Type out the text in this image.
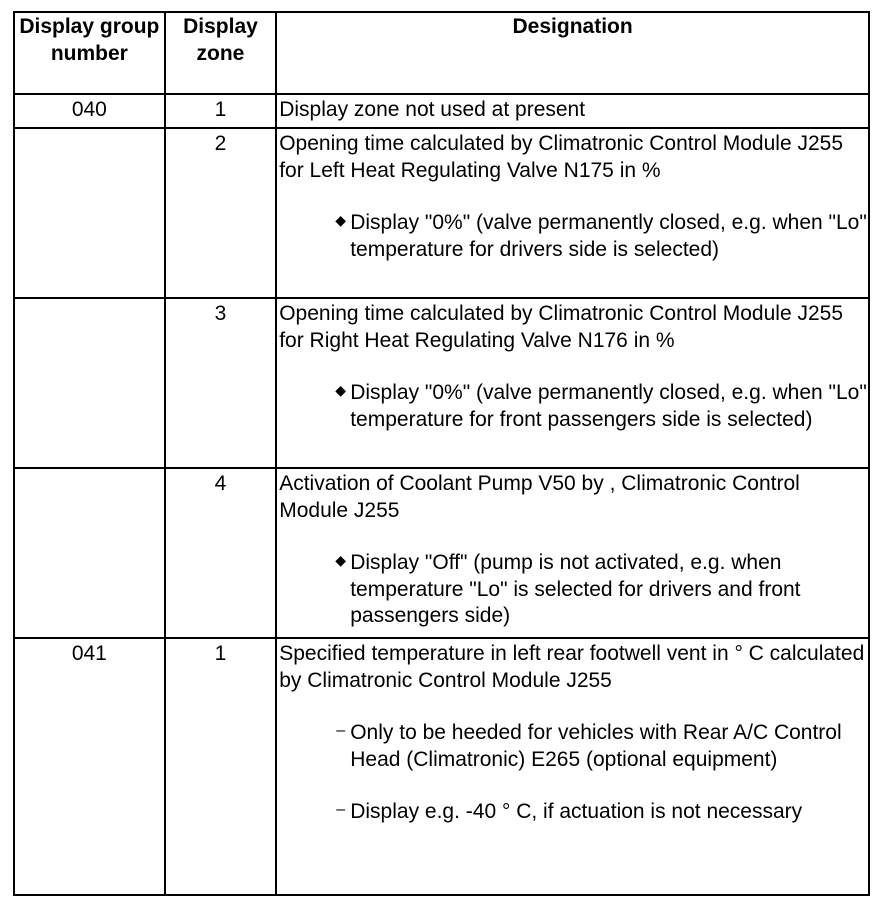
Display group number	Display zone	Designation
040	1	Display zone not used at present

	2	Opening time calculated by Climatronic Control Module J255 for Left Heat Regulating Valve N175 in %
◆ Display "0%" (valve permanently closed, e.g. when "Lo" temperature for drivers side is selected)

	3	Opening time calculated by Climatronic Control Module J255 for Right Heat Regulating Valve N176 in %
◆ Display "0%" (valve permanently closed, e.g. when "Lo" temperature for front passengers side is selected)

	4	Activation of Coolant Pump V50 by , Climatronic Control Module J255
◆ Display "Off" (pump is not activated, e.g. when temperature "Lo" is selected for drivers and front passengers side)

041	1	Specified temperature in left rear footwell vent in ° C calculated by Climatronic Control Module J255
– Only to be heeded for vehicles with Rear A/C Control Head (Climatronic) E265 (optional equipment)
– Display e.g. -40 ° C, if actuation is not necessary
